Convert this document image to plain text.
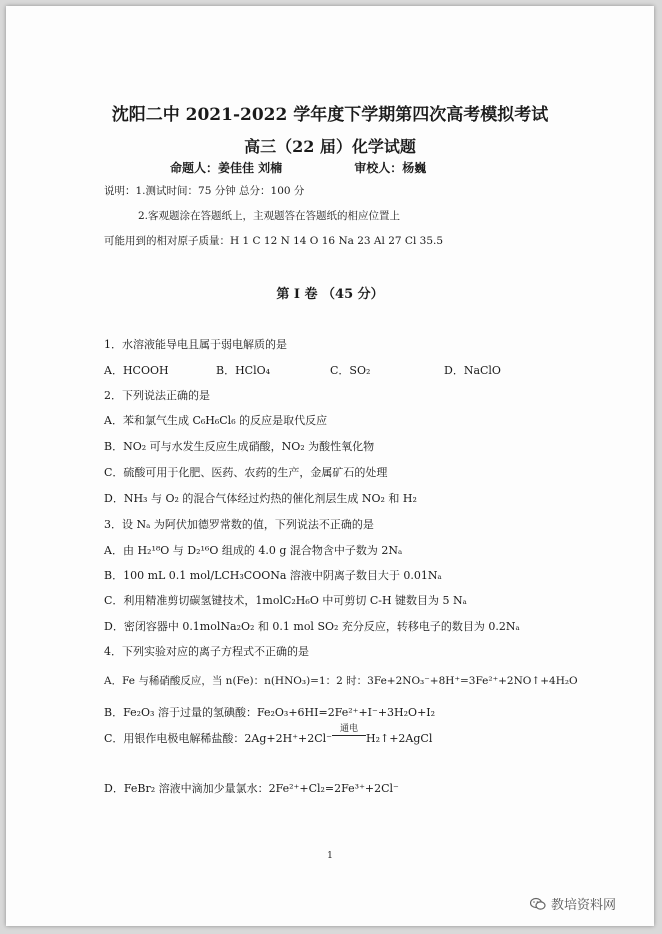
沈阳二中 2021-2022 学年度下学期第四次高考模拟考试
高三（22 届）化学试题
命题人：姜佳佳 刘楠	审校人：杨巍
说明：1.测试时间：75 分钟 总分：100 分
2.客观题涂在答题纸上，主观题答在答题纸的相应位置上
可能用到的相对原子质量：H 1 C 12 N 14 O 16 Na 23 Al 27 Cl 35.5
第 I 卷 （45 分）
1．水溶液能导电且属于弱电解质的是
A．HCOOH	B．HClO₄	C．SO₂	D．NaClO
2．下列说法正确的是
A．苯和氯气生成 C₆H₆Cl₆ 的反应是取代反应
B．NO₂ 可与水发生反应生成硝酸，NO₂ 为酸性氧化物
C．硫酸可用于化肥、医药、农药的生产，金属矿石的处理
D．NH₃ 与 O₂ 的混合气体经过灼热的催化剂层生成 NO₂ 和 H₂
3．设 Nₐ 为阿伏加德罗常数的值，下列说法不正确的是
A．由 H₂¹⁸O 与 D₂¹⁶O 组成的 4.0 g 混合物含中子数为 2Nₐ
B．100 mL 0.1 mol/LCH₃COONa 溶液中阴离子数目大于 0.01Nₐ
C．利用精准剪切碳氢键技术，1molC₂H₆O 中可剪切 C-H 键数目为 5 Nₐ
D．密闭容器中 0.1molNa₂O₂ 和 0.1 mol SO₂ 充分反应，转移电子的数目为 0.2Nₐ
4．下列实验对应的离子方程式不正确的是
A．Fe 与稀硝酸反应，当 n(Fe)：n(HNO₃)=1：2 时：3Fe+2NO₃⁻+8H⁺=3Fe²⁺+2NO↑+4H₂O
B．Fe₂O₃ 溶于过量的氢碘酸：Fe₂O₃+6HI=2Fe²⁺+I⁻+3H₂O+I₂
C．用银作电极电解稀盐酸：2Ag+2H⁺+2Cl⁻
通电
H₂↑+2AgCl
D．FeBr₂ 溶液中滴加少量氯水：2Fe²⁺+Cl₂=2Fe³⁺+2Cl⁻
1
教培资料网
